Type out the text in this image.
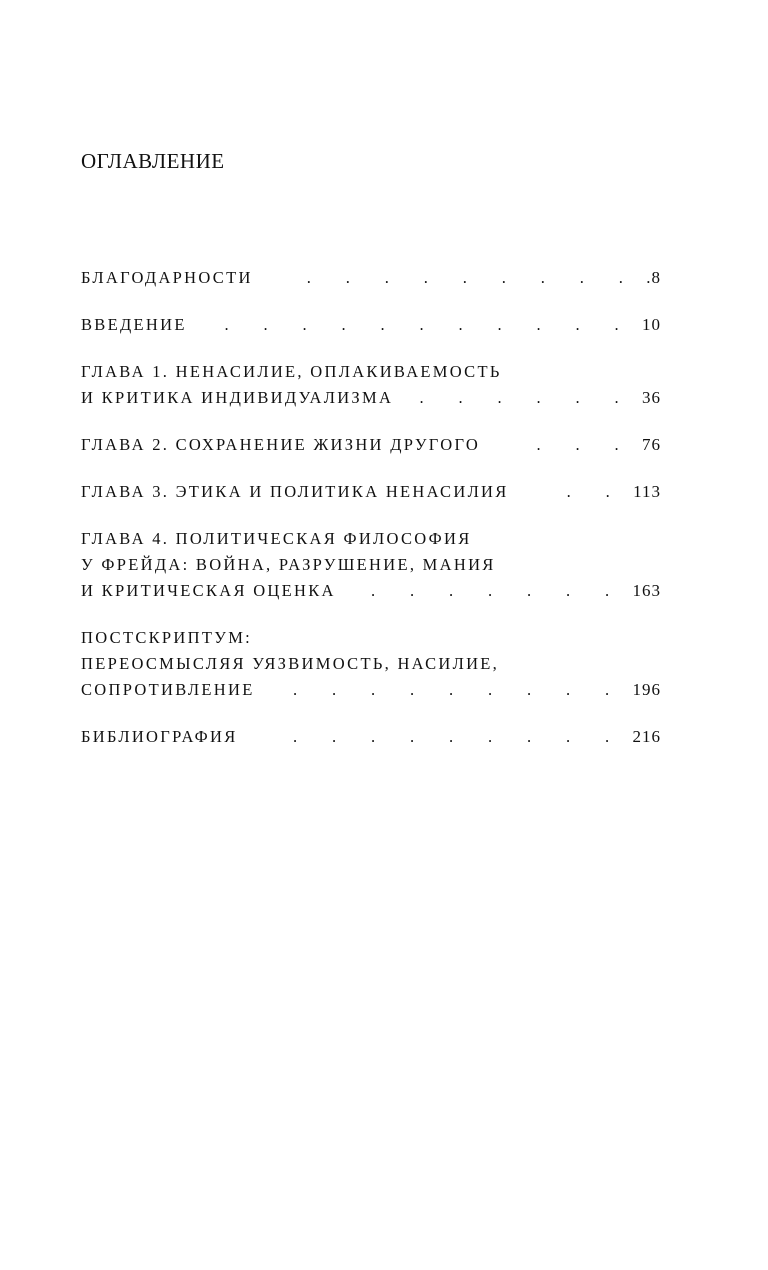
ОГЛАВЛЕНИЕ
БЛАГОДАРНОСТИ	. . . . . . . . .	.8
ВВЕДЕНИЕ	. . . . . . . . . . .	10
ГЛАВА 1. НЕНАСИЛИЕ, ОПЛАКИВАЕМОСТЬ
И КРИТИКА ИНДИВИДУАЛИЗМА	. . . . . .	36
ГЛАВА 2. СОХРАНЕНИЕ ЖИЗНИ ДРУГОГО	. . .	76
ГЛАВА 3. ЭТИКА И ПОЛИТИКА НЕНАСИЛИЯ	. .	113
ГЛАВА 4. ПОЛИТИЧЕСКАЯ ФИЛОСОФИЯ
У ФРЕЙДА: ВОЙНА, РАЗРУШЕНИЕ, МАНИЯ
И КРИТИЧЕСКАЯ ОЦЕНКА	. . . . . . .	163
ПОСТСКРИПТУМ:
ПЕРЕОСМЫСЛЯЯ УЯЗВИМОСТЬ, НАСИЛИЕ,
СОПРОТИВЛЕНИЕ	. . . . . . . . .	196
БИБЛИОГРАФИЯ	. . . . . . . . .	216
